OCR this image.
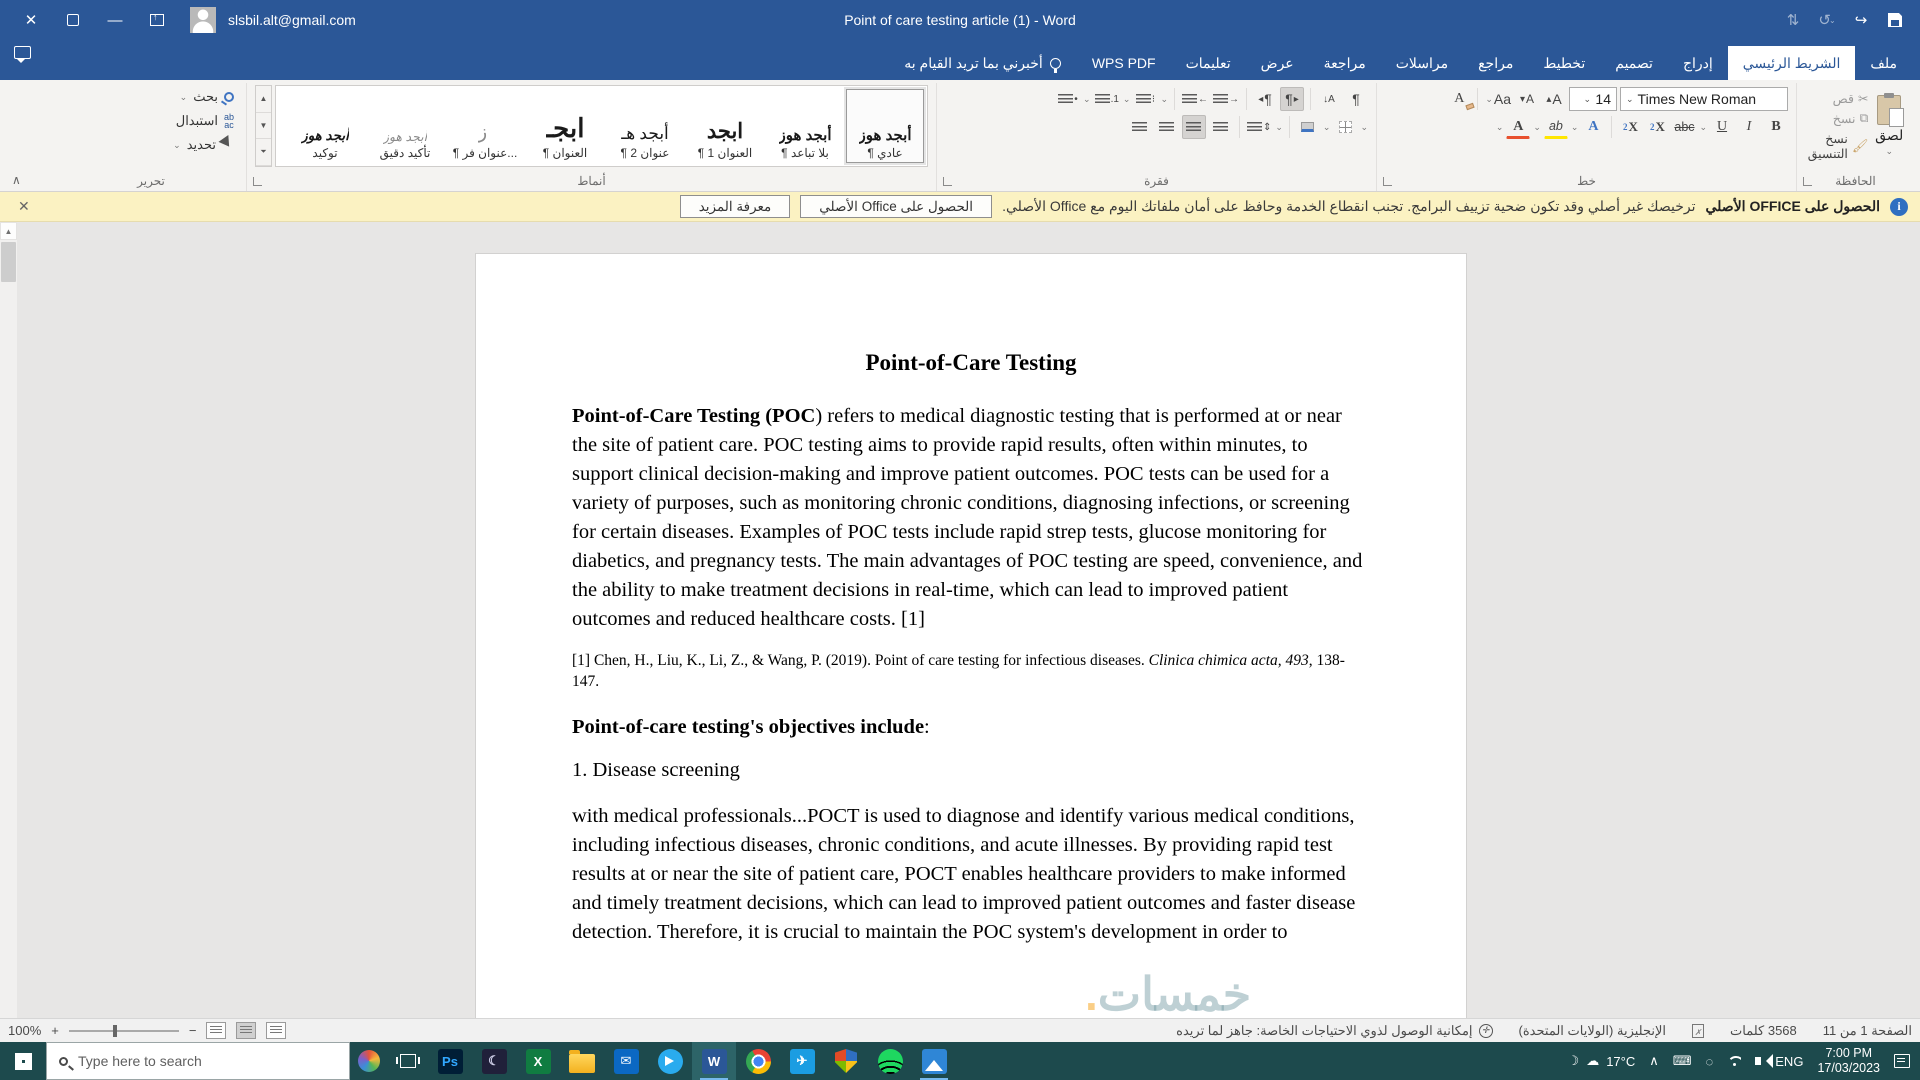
✕	— ↑	slsbil.alt@gmail.com	Point of care testing article (1) - Word	⇅	↺
⌄	↪
ملف
الشريط الرئيسي
إدراج
تصميم
تخطيط
مراجع
مراسلات
مراجعة
عرض
تعليمات
WPS PDF
أخبرني بما تريد القيام به
لصق
⌄
✂
قص
⧉
نسخ
🖌
نسخ التنسيق
الحافظة
⌄ Times New Roman
⌄ 14
A
▴
A
▾
Aa
⌄
A
B
I
U
⌄
abc
X
2
X
2
A
⌄
ab
⌄
A
⌄
خط
¶
A↓
▸
¶
¶
◂
→
←
⌄
⁝
⌄
1.
⌄
•
⌄
⌄
⌄
⇕
فقرة
أبجد هوز
¶ عادي
أبجد هوز
¶ بلا تباعد
ابجد
¶ العنوان 1
أبجد هـ
¶ عنوان 2
ابجـ
¶ العنوان
ُ ز
¶ عنوان فر...
أبجد هوز
تأكيد دقيق
أبجد هوز
توكيد
▲
▼
⏷
أنماط
بحث
⌄
ab
ac
استبدال
تحديد
⌄
تحرير
∧
i
الحصول على OFFICE الأصلي
ترخيصك غير أصلي وقد تكون ضحية تزييف البرامج. تجنب انقطاع الخدمة وحافظ على أمان ملفاتك اليوم مع Office الأصلي.
الحصول على Office الأصلي
معرفة المزيد
✕
▲
Point-of-Care Testing

Point-of-Care Testing (POC) refers to medical diagnostic testing that is performed at or near the site of patient care. POC testing aims to provide rapid results, often within minutes, to support clinical decision-making and improve patient outcomes. POC tests can be used for a variety of purposes, such as monitoring chronic conditions, diagnosing infections, or screening for certain diseases. Examples of POC tests include rapid strep tests, glucose monitoring for diabetics, and pregnancy tests. The main advantages of POC testing are speed, convenience, and the ability to make treatment decisions in real-time, which can lead to improved patient outcomes and reduced healthcare costs. [1]

[1] Chen, H., Liu, K., Li, Z., & Wang, P. (2019). Point of care testing for infectious diseases. Clinica chimica acta, 493, 138-147.

Point-of-care testing's objectives include:

1. Disease screening

with medical professionals...POCT is used to diagnose and identify various medical conditions, including infectious diseases, chronic conditions, and acute illnesses. By providing rapid test results at or near the site of patient care, POCT enables healthcare providers to make informed and timely treatment decisions, which can lead to improved patient outcomes and faster disease detection. Therefore, it is crucial to maintain the POC system's development in order to

خمسات.
100% +	−	الصفحة 1 من 11
3568 كلمات
✗
الإنجليزية (الولايات المتحدة)
✛
إمكانية الوصول لذوي الاحتياجات الخاصة: جاهز لما تريده
Type here to search	Ps	☾	X	✉	W	✈	☽ ☁ 17°C ∧ ⌨ ◌	ENG
7:00 PM
17/03/2023
